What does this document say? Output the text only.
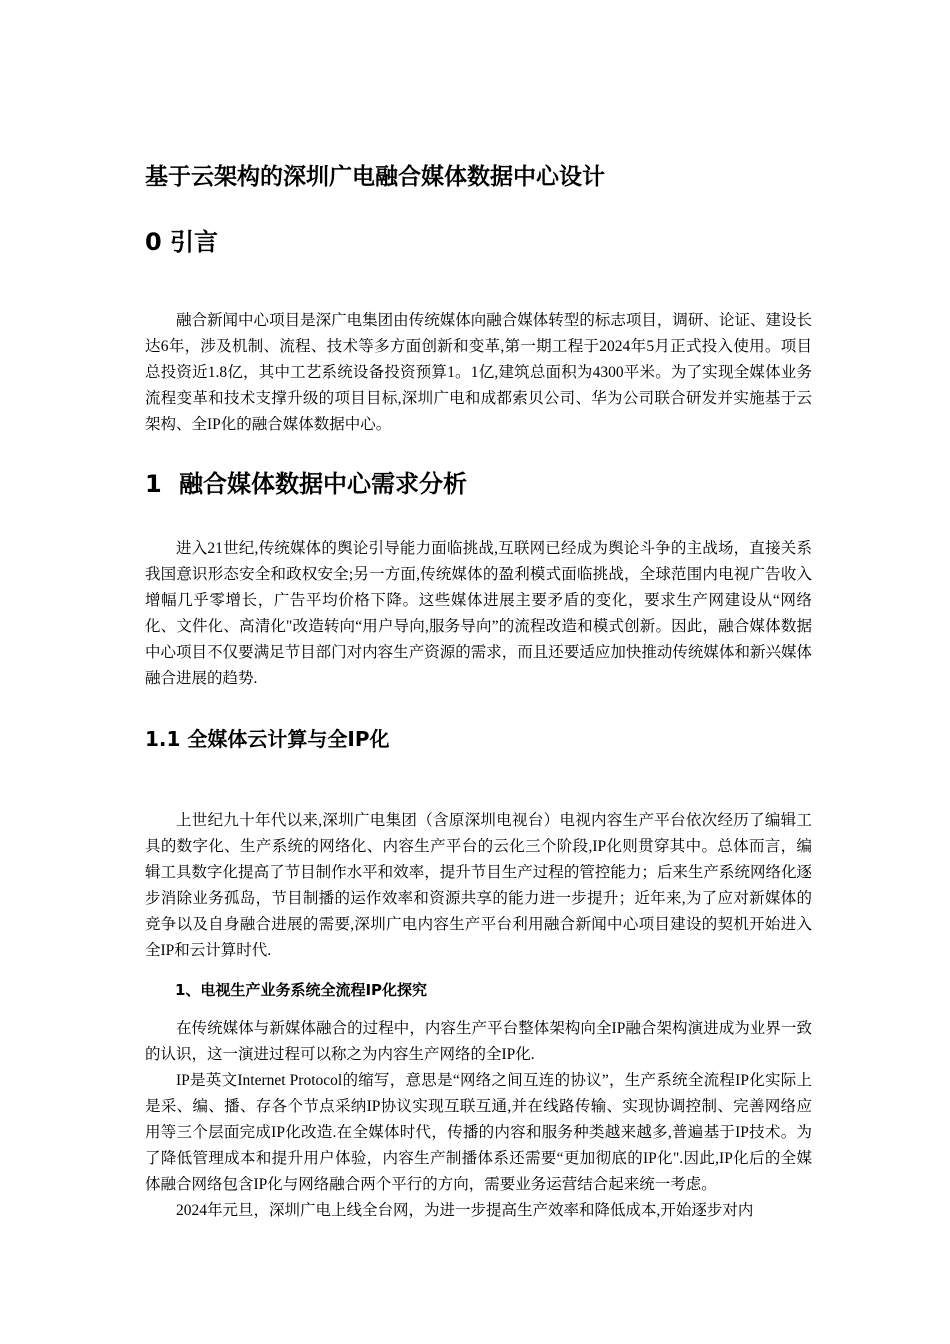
基于云架构的深圳广电融合媒体数据中心设计
0 引言

融合新闻中心项目是深广电集团由传统媒体向融合媒体转型的标志项目，调研、论证、建设长达6年，涉及机制、流程、技术等多方面创新和变革,第一期工程于2024年5月正式投入使用。项目总投资近1.8亿，其中工艺系统设备投资预算1。1亿,建筑总面积为4300平米。为了实现全媒体业务流程变革和技术支撑升级的项目目标,深圳广电和成都索贝公司、华为公司联合研发并实施基于云架构、全IP化的融合媒体数据中心。

1 融合媒体数据中心需求分析

进入21世纪,传统媒体的舆论引导能力面临挑战,互联网已经成为舆论斗争的主战场，直接关系我国意识形态安全和政权安全;另一方面,传统媒体的盈利模式面临挑战，全球范围内电视广告收入增幅几乎零增长，广告平均价格下降。这些媒体进展主要矛盾的变化，要求生产网建设从“网络化、文件化、高清化"改造转向“用户导向,服务导向”的流程改造和模式创新。因此，融合媒体数据中心项目不仅要满足节目部门对内容生产资源的需求，而且还要适应加快推动传统媒体和新兴媒体融合进展的趋势.

1.1 全媒体云计算与全IP化

上世纪九十年代以来,深圳广电集团（含原深圳电视台）电视内容生产平台依次经历了编辑工具的数字化、生产系统的网络化、内容生产平台的云化三个阶段,IP化则贯穿其中。总体而言，编辑工具数字化提高了节目制作水平和效率，提升节目生产过程的管控能力；后来生产系统网络化逐步消除业务孤岛，节目制播的运作效率和资源共享的能力进一步提升；近年来,为了应对新媒体的竞争以及自身融合进展的需要,深圳广电内容生产平台利用融合新闻中心项目建设的契机开始进入全IP和云计算时代.

1、电视生产业务系统全流程IP化探究

在传统媒体与新媒体融合的过程中，内容生产平台整体架构向全IP融合架构演进成为业界一致的认识，这一演进过程可以称之为内容生产网络的全IP化.

IP是英文Internet Protocol的缩写，意思是“网络之间互连的协议”，生产系统全流程IP化实际上是采、编、播、存各个节点采纳IP协议实现互联互通,并在线路传输、实现协调控制、完善网络应用等三个层面完成IP化改造.在全媒体时代，传播的内容和服务种类越来越多,普遍基于IP技术。为了降低管理成本和提升用户体验，内容生产制播体系还需要“更加彻底的IP化".因此,IP化后的全媒体融合网络包含IP化与网络融合两个平行的方向，需要业务运营结合起来统一考虑。

2024年元旦，深圳广电上线全台网，为进一步提高生产效率和降低成本,开始逐步对内
